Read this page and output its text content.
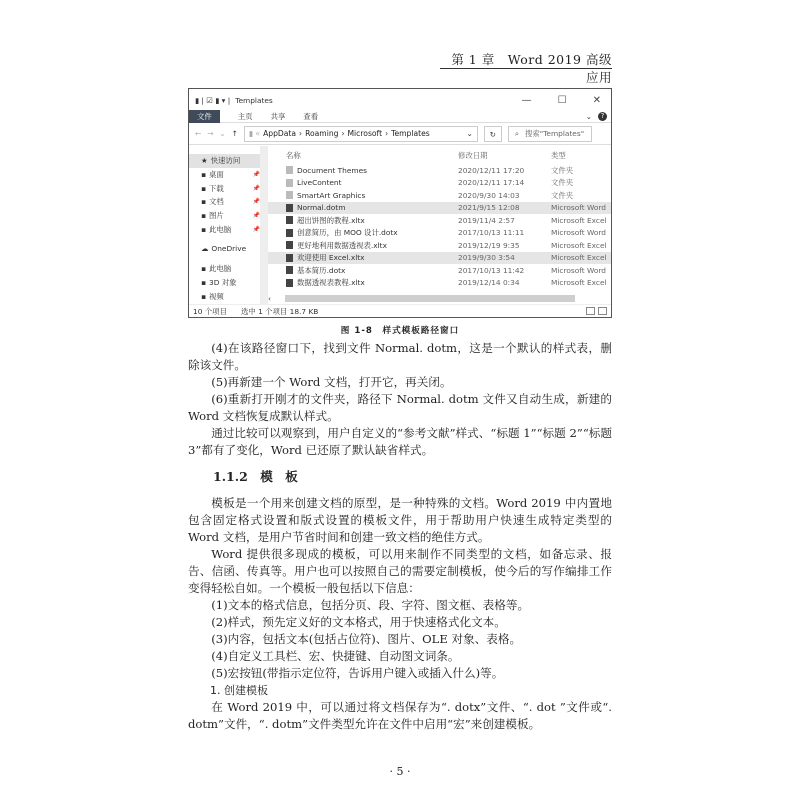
第 1 章　Word 2019 高级应用
▮ | ☑ ▮ ▾ | Templates	—	☐	✕
文件	主页 共享 查看	⌄	?
← → ⌄ ↑ ▮ « AppData › Roaming › Microsoft › Templates	⌄	↻	⌕ 搜索"Templates"
★ 快速访问
▪ 桌面	📌
▪ 下载	📌
▪ 文档	📌
▪ 图片	📌
▪ 此电脑	📌
☁ OneDrive
▪ 此电脑
▪ 3D 对象
▪ 视频
名称	修改日期	类型
Document Themes	2020/12/11 17:20	文件夹
LiveContent	2020/12/11 17:14	文件夹
SmartArt Graphics	2020/9/30 14:03	文件夹
Normal.dotm	2021/9/15 12:08	Microsoft Word
超出饼图的教程.xltx	2019/11/4 2:57	Microsoft Excel
创意简历，由 MOO 设计.dotx	2017/10/13 11:11	Microsoft Word
更好地利用数据透视表.xltx	2019/12/19 9:35	Microsoft Excel
欢迎使用 Excel.xltx	2019/9/30 3:54	Microsoft Excel
基本简历.dotx	2017/10/13 11:42	Microsoft Word
数据透视表教程.xltx	2019/12/14 0:34	Microsoft Excel
‹
10 个项目 选中 1 个项目 18.7 KB
图 1-8　样式模板路径窗口

(4)在该路径窗口下，找到文件 Normal. dotm，这是一个默认的样式表，删除该文件。

(5)再新建一个 Word 文档，打开它，再关闭。

(6)重新打开刚才的文件夹，路径下 Normal. dotm 文件又自动生成，新建的 Word 文档恢复成默认样式。

通过比较可以观察到，用户自定义的“参考文献”样式、“标题 1”“标题 2”“标题 3”都有了变化，Word 已还原了默认缺省样式。

1.1.2　模　板

模板是一个用来创建文档的原型，是一种特殊的文档。Word 2019 中内置地包含固定格式设置和版式设置的模板文件，用于帮助用户快速生成特定类型的 Word 文档，是用户节省时间和创建一致文档的绝佳方式。

Word 提供很多现成的模板，可以用来制作不同类型的文档，如备忘录、报告、信函、传真等。用户也可以按照自己的需要定制模板，使今后的写作编排工作变得轻松自如。一个模板一般包括以下信息：

(1)文本的格式信息，包括分页、段、字符、图文框、表格等。

(2)样式，预先定义好的文本格式，用于快速格式化文本。

(3)内容，包括文本(包括占位符)、图片、OLE 对象、表格。

(4)自定义工具栏、宏、快捷键、自动图文词条。

(5)宏按钮(带指示定位符，告诉用户键入或插入什么)等。

1. 创建模板

在 Word 2019 中，可以通过将文档保存为“. dotx”文件、“. dot ”文件或“. dotm”文件，“. dotm”文件类型允许在文件中启用“宏”来创建模板。

· 5 ·
